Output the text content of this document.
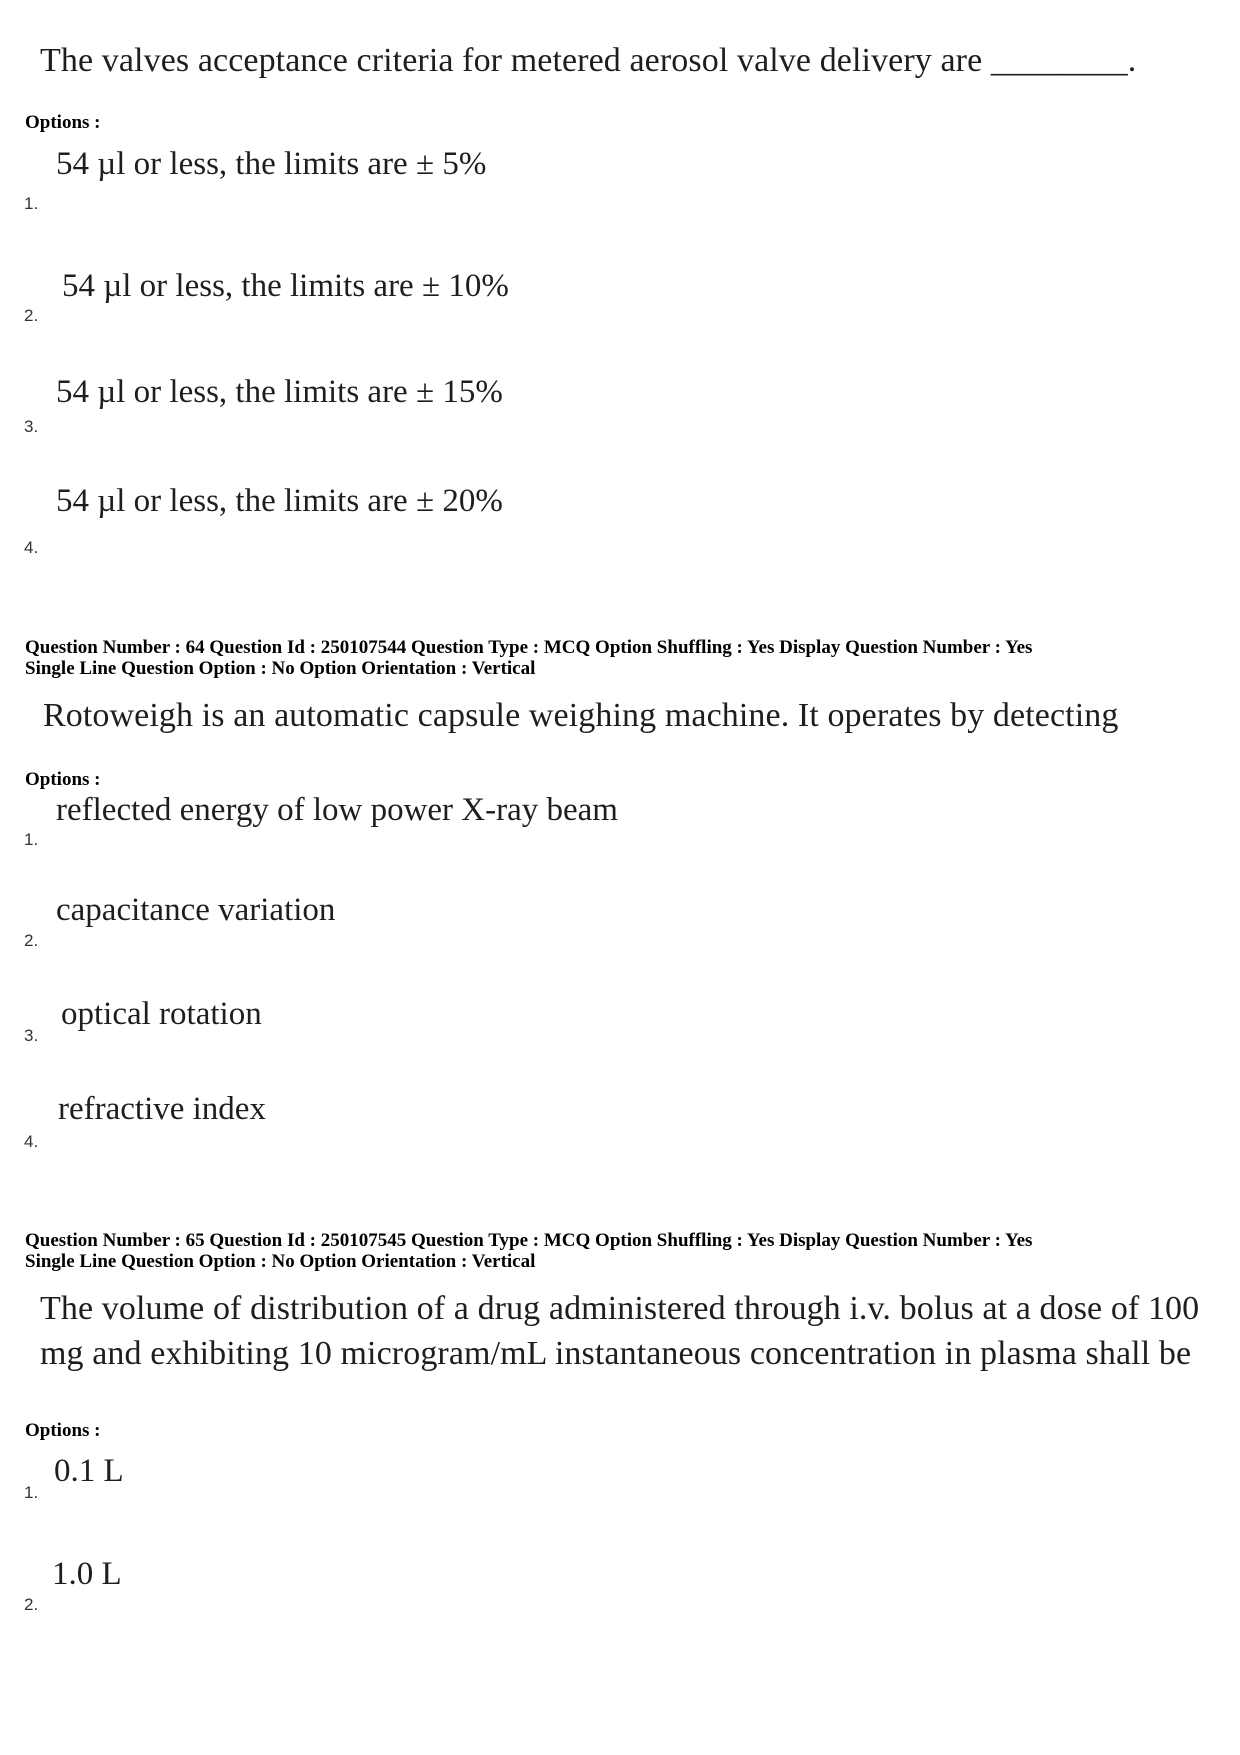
The valves acceptance criteria for metered aerosol valve delivery are ________.
Options :
54 µl or less, the limits are ± 5%
1.
54 µl or less, the limits are ± 10%
2.
54 µl or less, the limits are ± 15%
3.
54 µl or less, the limits are ± 20%
4.
Question Number : 64 Question Id : 250107544 Question Type : MCQ Option Shuffling : Yes Display Question Number : Yes
Single Line Question Option : No Option Orientation : Vertical
Rotoweigh is an automatic capsule weighing machine. It operates by detecting
Options :
reflected energy of low power X-ray beam
1.
capacitance variation
2.
optical rotation
3.
refractive index
4.
Question Number : 65 Question Id : 250107545 Question Type : MCQ Option Shuffling : Yes Display Question Number : Yes
Single Line Question Option : No Option Orientation : Vertical
The volume of distribution of a drug administered through i.v. bolus at a dose of 100
mg and exhibiting 10 microgram/mL instantaneous concentration in plasma shall be
Options :
0.1 L
1.
1.0 L
2.
